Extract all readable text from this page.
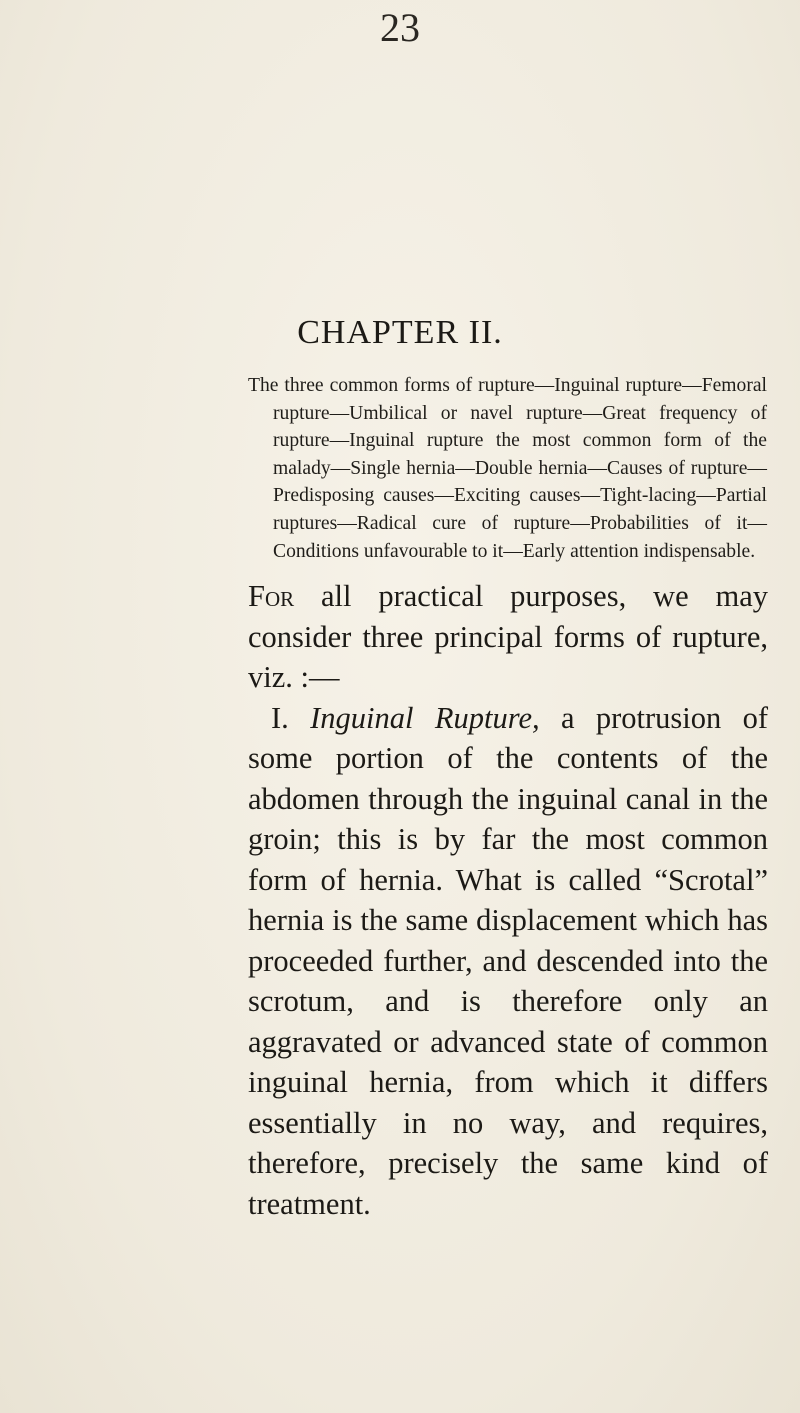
23
CHAPTER II.

The three common forms of rupture—Inguinal rupture—Femoral rupture—Umbilical or navel rupture—Great frequency of rupture—Inguinal rupture the most common form of the malady—Single hernia—Double hernia—Causes of rupture—Predisposing causes—Exciting causes—Tight-lacing—Partial ruptures—Radical cure of rupture—Probabilities of it—Conditions unfavourable to it—Early attention indispensable.

For all practical purposes, we may consider three principal forms of rupture, viz. :—

I. Inguinal Rupture, a protrusion of some portion of the contents of the abdomen through the inguinal canal in the groin; this is by far the most common form of hernia. What is called “Scrotal” hernia is the same displacement which has proceeded further, and descended into the scrotum, and is therefore only an aggravated or advanced state of common inguinal hernia, from which it differs essentially in no way, and requires, therefore, precisely the same kind of treatment.
